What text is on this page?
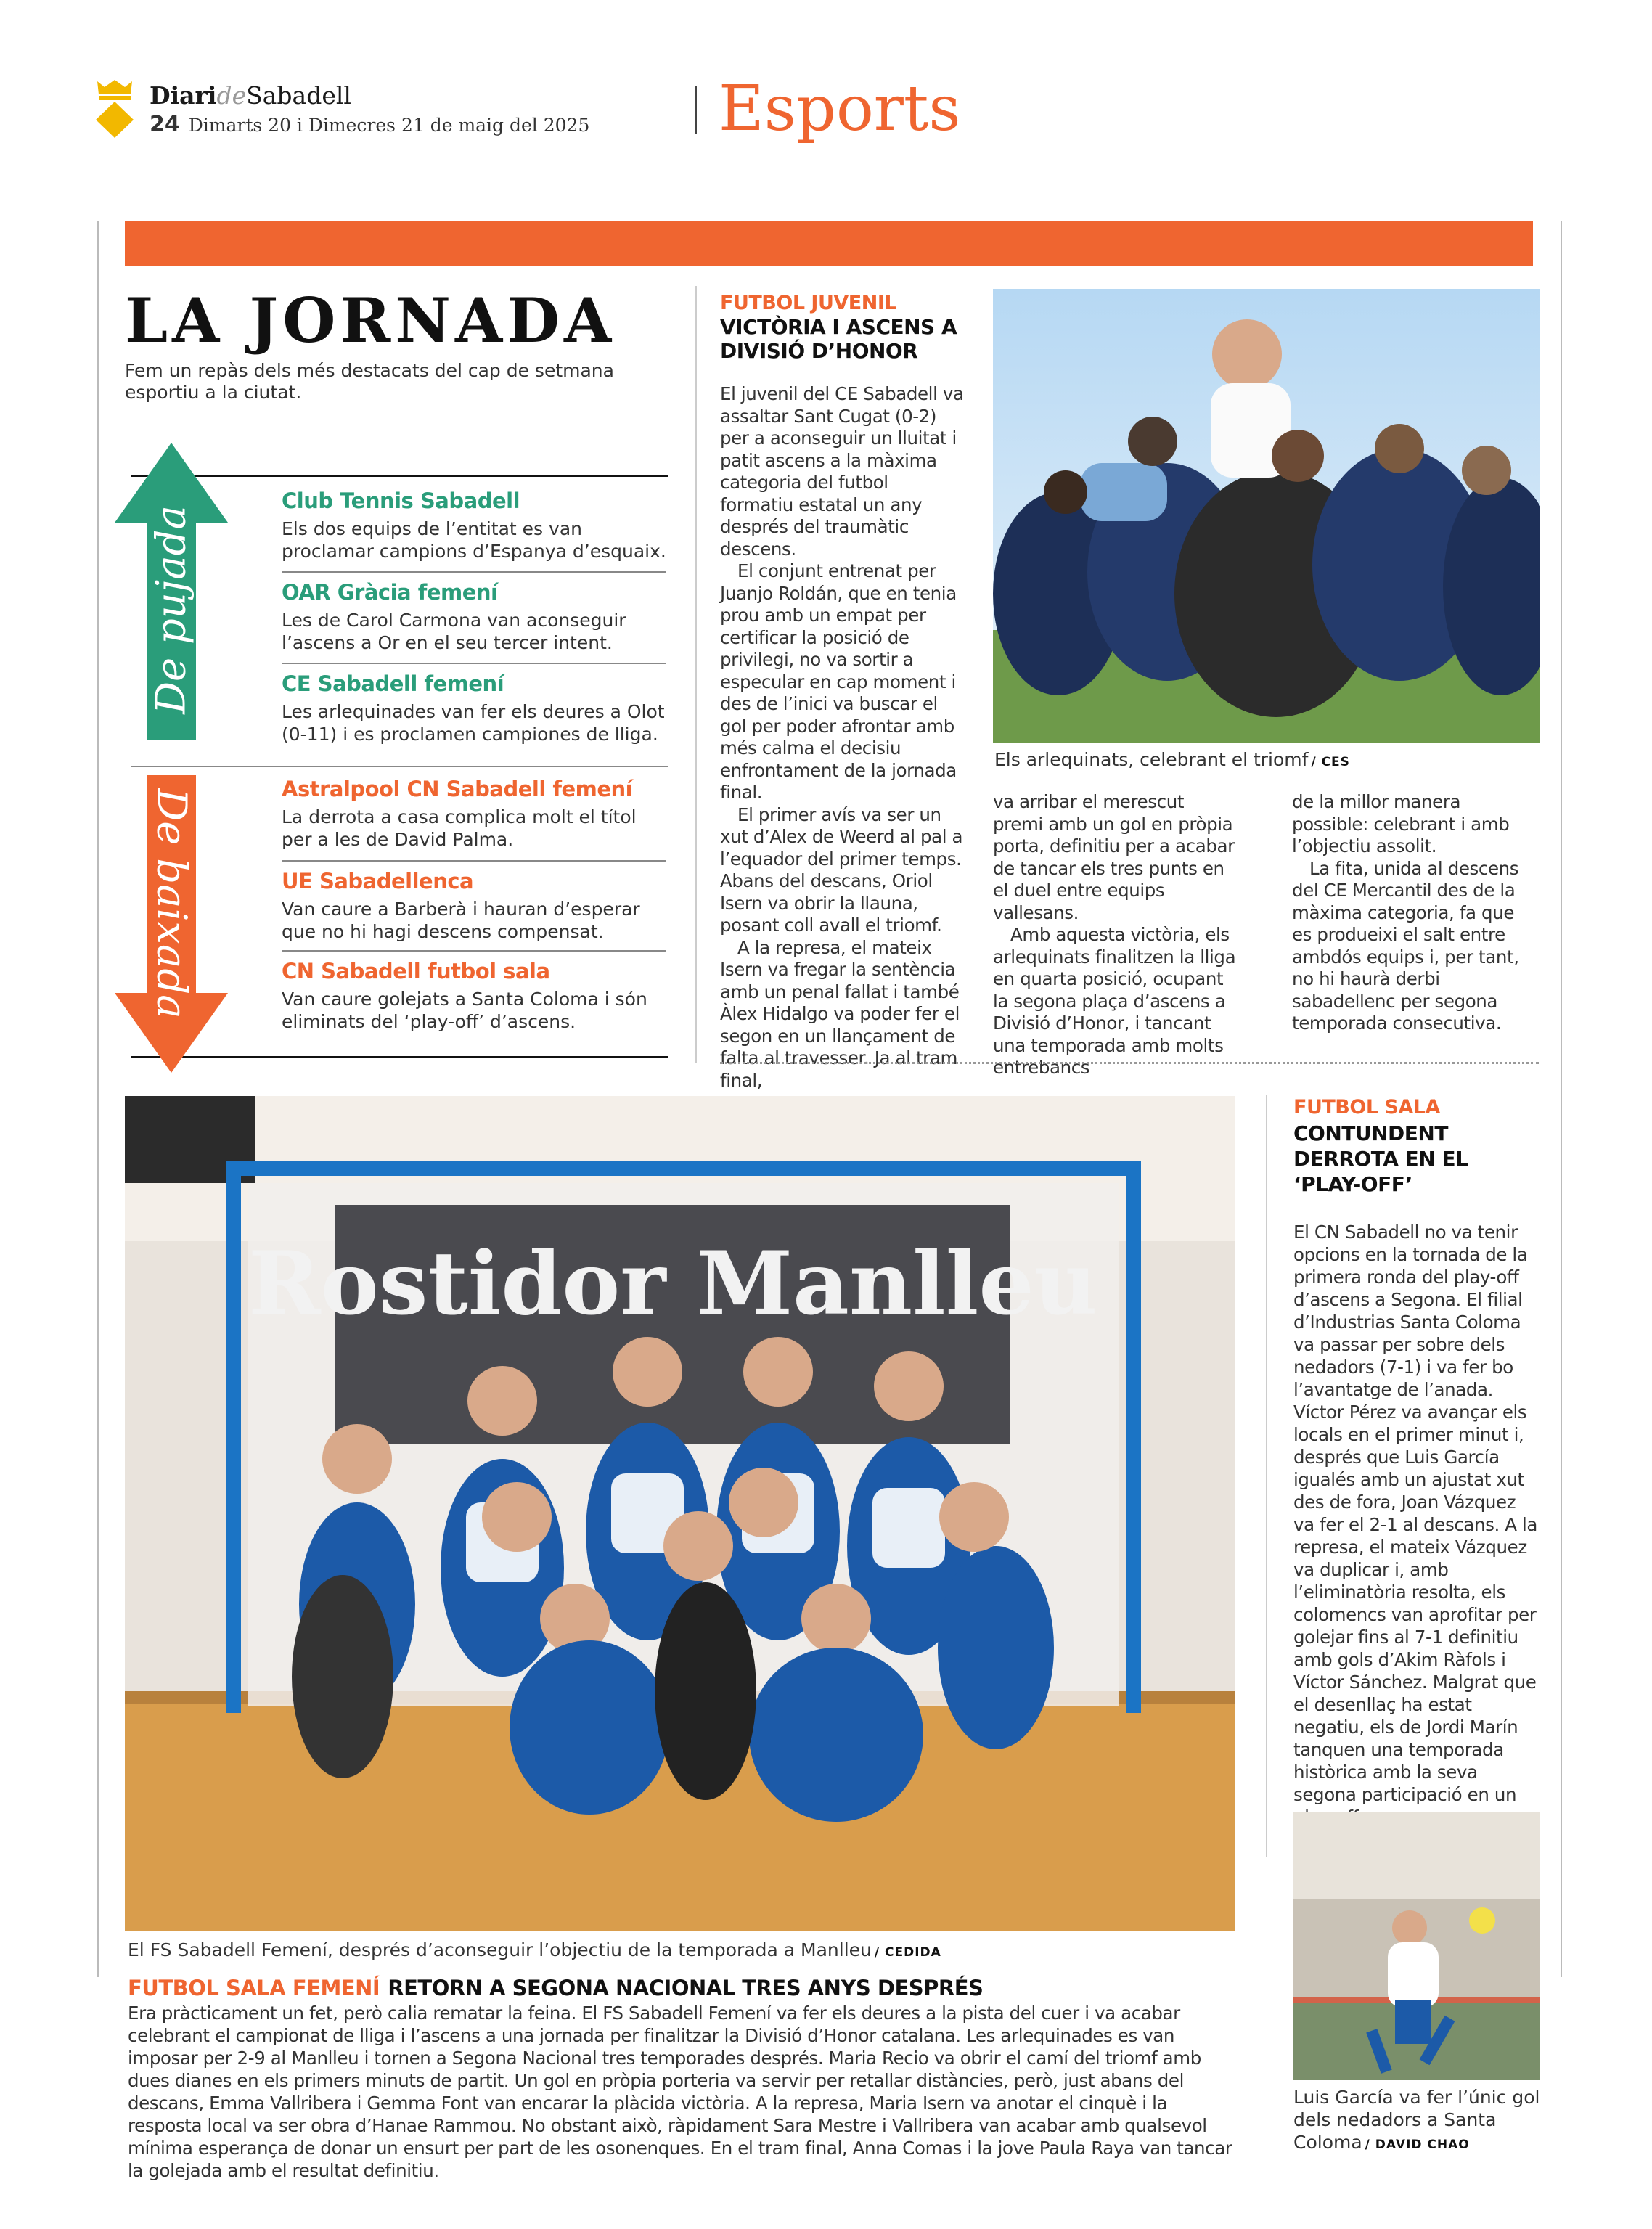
DiarideSabadell
24 Dimarts 20 i Dimecres 21 de maig del 2025 Esports
LA JORNADA
Fem un repàs dels més destacats del cap de setmana esportiu a la ciutat.
De pujada
De baixada
Club Tennis Sabadell
Els dos equips de l’entitat es van proclamar campions d’Espanya d’esquaix.
OAR Gràcia femení
Les de Carol Carmona van aconseguir l’ascens a Or en el seu tercer intent.
CE Sabadell femení
Les arlequinades van fer els deures a Olot (0-11) i es proclamen campiones de lliga.
Astralpool CN Sabadell femení
La derrota a casa complica molt el títol per a les de David Palma.
UE Sabadellenca
Van caure a Barberà i hauran d’esperar que no hi hagi descens compensat.
CN Sabadell futbol sala
Van caure golejats a Santa Coloma i són eliminats del ‘play-off’ d’ascens.
FUTBOL JUVENIL
VICTÒRIA I ASCENS A DIVISIÓ D’HONOR

El juvenil del CE Sabadell va assaltar Sant Cugat (0-2) per a aconseguir un lluitat i patit ascens a la màxima categoria del futbol formatiu estatal un any després del traumàtic descens.

El conjunt entrenat per Juanjo Roldán, que en tenia prou amb un empat per certificar la posició de privilegi, no va sortir a especular en cap moment i des de l’inici va buscar el gol per poder afrontar amb més calma el decisiu enfrontament de la jornada final.

El primer avís va ser un xut d’Alex de Weerd al pal a l’equador del primer temps. Abans del descans, Oriol Isern va obrir la llauna, posant coll avall el triomf.

A la represa, el mateix Isern va fregar la sentència amb un penal fallat i també Àlex Hidalgo va poder fer el segon en un llançament de falta al travesser. Ja al tram final,

Els arlequinats, celebrant el triomf / CES

va arribar el merescut premi amb un gol en pròpia porta, definitiu per a acabar de tancar els tres punts en el duel entre equips vallesans.

Amb aquesta victòria, els arlequinats finalitzen la lliga en quarta posició, ocupant la segona plaça d’ascens a Divisió d’Honor, i tancant una temporada amb molts entrebancs

de la millor manera possible: celebrant i amb l’objectiu assolit.

La fita, unida al descens del CE Mercantil des de la màxima categoria, fa que es produeixi el salt entre ambdós equips i, per tant, no hi haurà derbi sabadellenc per segona temporada consecutiva.

Rostidor Manlleu
El FS Sabadell Femení, després d’aconseguir l’objectiu de la temporada a Manlleu / CEDIDA
FUTBOL SALA FEMENÍ RETORN A SEGONA NACIONAL TRES ANYS DESPRÉS
Era pràcticament un fet, però calia rematar la feina. El FS Sabadell Femení va fer els deures a la pista del cuer i va acabar celebrant el campionat de lliga i l’ascens a una jornada per finalitzar la Divisió d’Honor catalana. Les arlequinades es van imposar per 2-9 al Manlleu i tornen a Segona Nacional tres temporades després. Maria Recio va obrir el camí del triomf amb dues dianes en els primers minuts de partit. Un gol en pròpia porteria va servir per retallar distàncies, però, just abans del descans, Emma Vallribera i Gemma Font van encarar la plàcida victòria. A la represa, Maria Isern va anotar el cinquè i la resposta local va ser obra d’Hanae Rammou. No obstant això, ràpidament Sara Mestre i Vallribera van acabar amb qualsevol mínima esperança de donar un ensurt per part de les osonenques. En el tram final, Anna Comas i la jove Paula Raya van tancar la golejada amb el resultat definitiu.
FUTBOL SALA
CONTUNDENT DERROTA EN EL ‘PLAY-OFF’
El CN Sabadell no va tenir opcions en la tornada de la primera ronda del play-off d’ascens a Segona. El filial d’Industrias Santa Coloma va passar per sobre dels nedadors (7-1) i va fer bo l’avantatge de l’anada. Víctor Pérez va avançar els locals en el primer minut i, després que Luis García igualés amb un ajustat xut des de fora, Joan Vázquez va fer el 2-1 al descans. A la represa, el mateix Vázquez va duplicar i, amb l’eliminatòria resolta, els colomencs van aprofitar per golejar fins al 7-1 definitiu amb gols d’Akim Ràfols i Víctor Sánchez. Malgrat que el desenllaç ha estat negatiu, els de Jordi Marín tanquen una temporada històrica amb la seva segona participació en un
Luis García va fer l’únic gol dels nedadors a Santa Coloma / DAVID CHAO
